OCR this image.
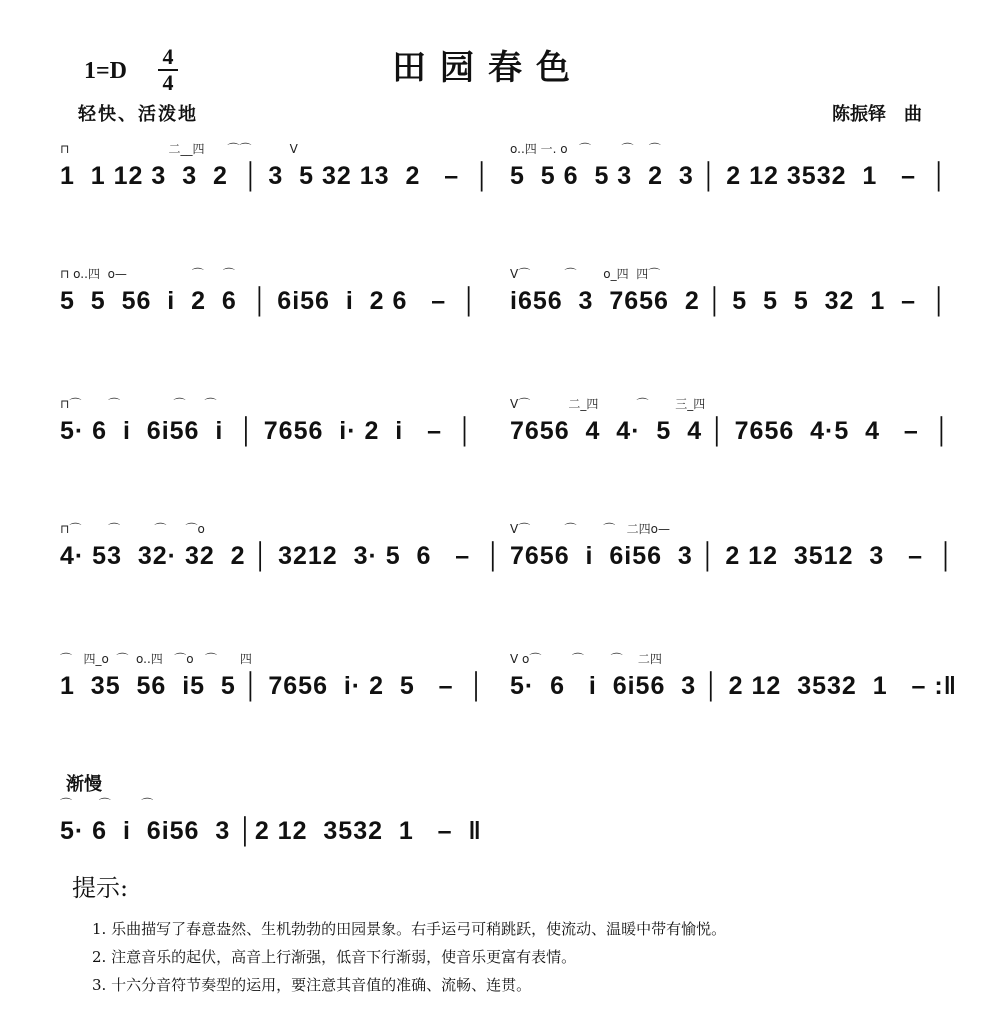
1=D
4
4	田园春色
轻快、活泼地	陈振铎　曲
⊓                          二__四      ⌒⌒          V
1  1 12 3  3  2  │ 3  5 32 13  2   –  │
o..四 一. o   ⌒        ⌒    ⌒
5  5 6  5 3  2  3 │ 2 12 3532  1   –  │
⊓ o..四  o—                 ⌒     ⌒
5  5  56  i  2  6  │ 6i56  i  2 6   –  │
V⌒         ⌒       o_四  四⌒
i656  3  7656  2 │ 5  5  5  32  1  –  │
⊓⌒       ⌒              ⌒     ⌒
5· 6  i  6i56  i  │ 7656  i· 2  i   –  │
V⌒          二_四          ⌒       三_四
7656  4  4·  5  4 │ 7656  4·5  4   –  │
⊓⌒       ⌒         ⌒     ⌒o
4· 53  32· 32  2 │ 3212  3· 5  6   –  │
V⌒         ⌒       ⌒   二四o—
7656  i  6i56  3 │ 2 12  3512  3   –  │
⌒   四_o  ⌒  o..四   ⌒o   ⌒      四
1  35  56  i5  5 │ 7656  i· 2  5   –  │
V o⌒        ⌒       ⌒    二四
5·  6   i  6i56  3 │ 2 12  3532  1   – :‖
渐慢
⌒       ⌒        ⌒
5· 6  i  6i56  3 │2 12  3532  1   –  ‖
提示:
1. 乐曲描写了春意盎然、生机勃勃的田园景象。右手运弓可稍跳跃，使流动、温暖中带有愉悦。
2. 注意音乐的起伏，高音上行渐强，低音下行渐弱，使音乐更富有表情。
3. 十六分音符节奏型的运用，要注意其音值的准确、流畅、连贯。
